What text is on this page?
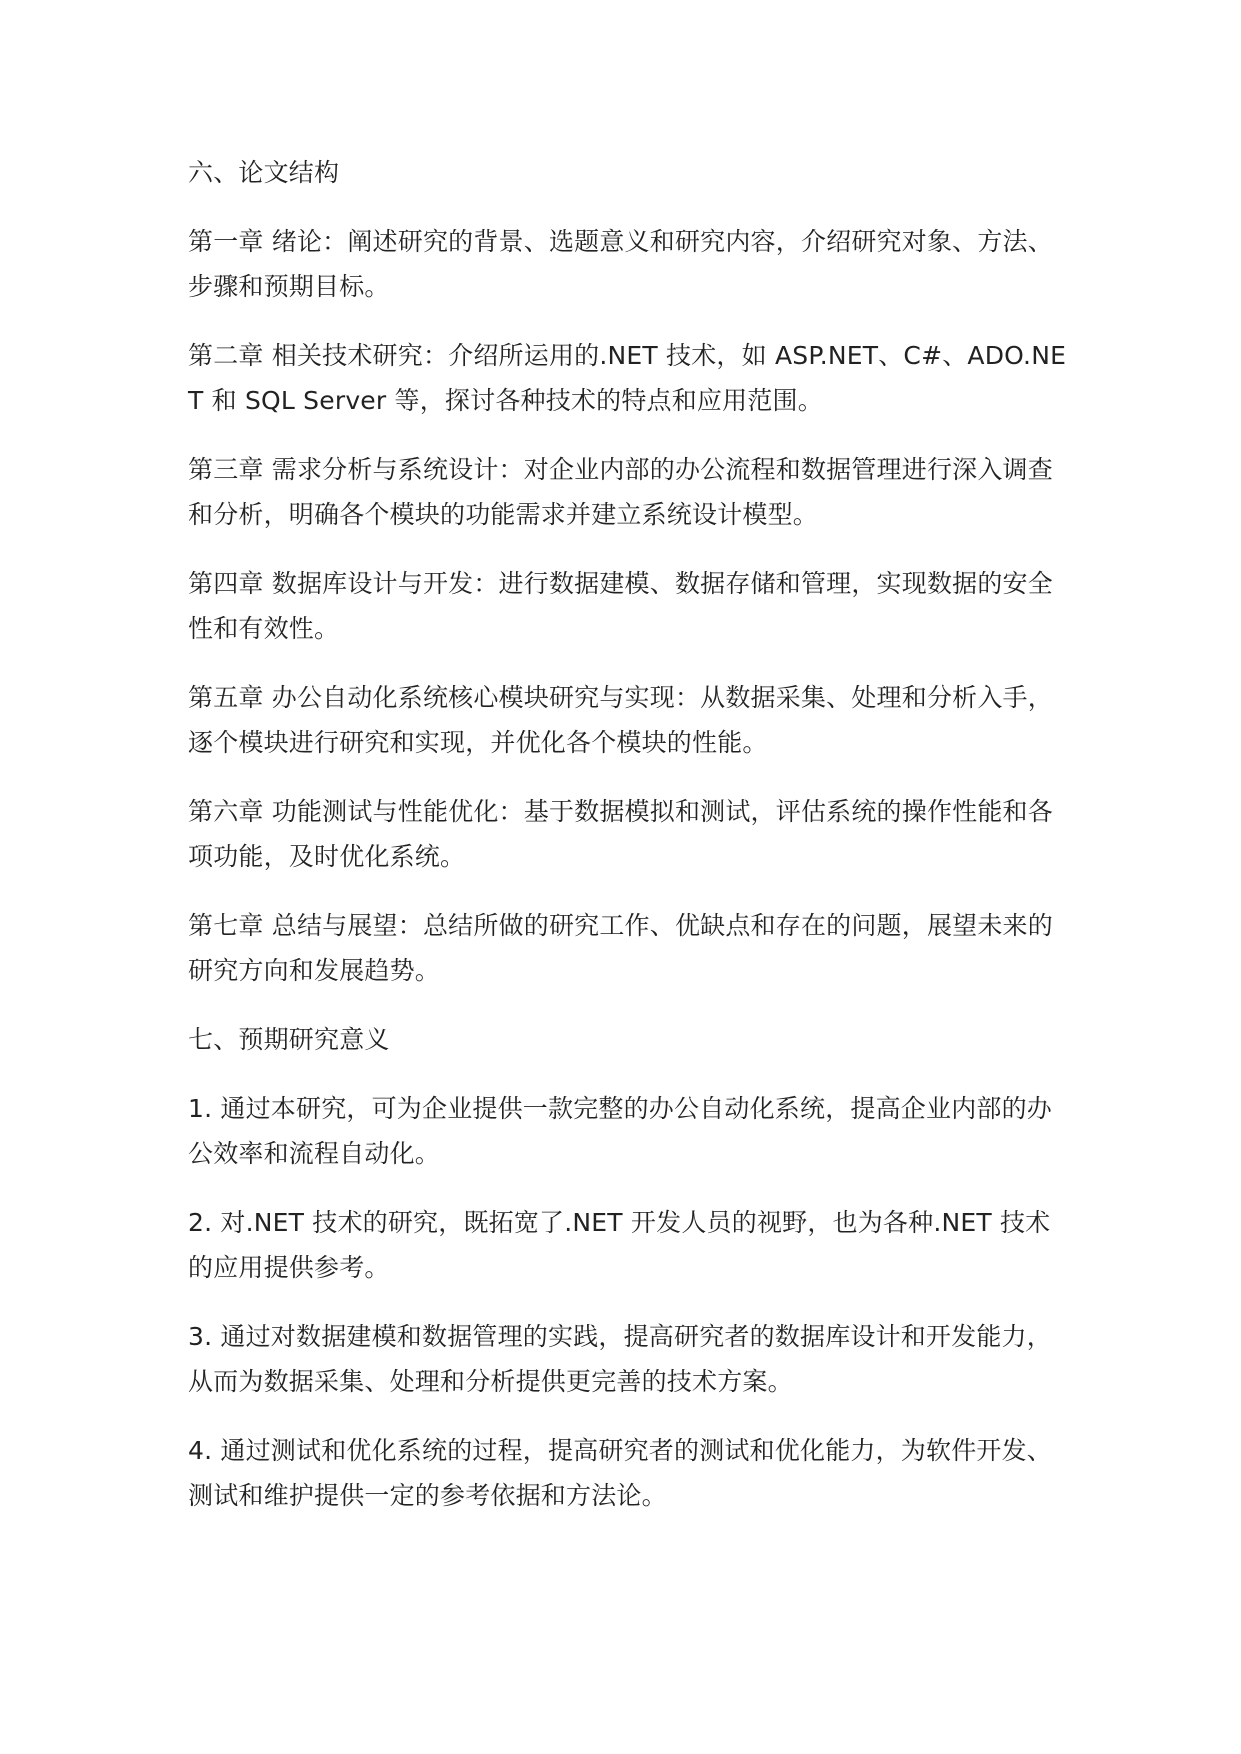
六、论文结构

第一章 绪论：阐述研究的背景、选题意义和研究内容，介绍研究对象、方法、步骤和预期目标。

第二章 相关技术研究：介绍所运用的.NET 技术，如 ASP.NET、C#、ADO.NET 和 SQL Server 等，探讨各种技术的特点和应用范围。

第三章 需求分析与系统设计：对企业内部的办公流程和数据管理进行深入调查和分析，明确各个模块的功能需求并建立系统设计模型。

第四章 数据库设计与开发：进行数据建模、数据存储和管理，实现数据的安全性和有效性。

第五章 办公自动化系统核心模块研究与实现：从数据采集、处理和分析入手，逐个模块进行研究和实现，并优化各个模块的性能。

第六章 功能测试与性能优化：基于数据模拟和测试，评估系统的操作性能和各项功能，及时优化系统。

第七章 总结与展望：总结所做的研究工作、优缺点和存在的问题，展望未来的研究方向和发展趋势。

七、预期研究意义

1. 通过本研究，可为企业提供一款完整的办公自动化系统，提高企业内部的办公效率和流程自动化。

2. 对.NET 技术的研究，既拓宽了.NET 开发人员的视野，也为各种.NET 技术的应用提供参考。

3. 通过对数据建模和数据管理的实践，提高研究者的数据库设计和开发能力，从而为数据采集、处理和分析提供更完善的技术方案。

4. 通过测试和优化系统的过程，提高研究者的测试和优化能力，为软件开发、测试和维护提供一定的参考依据和方法论。
